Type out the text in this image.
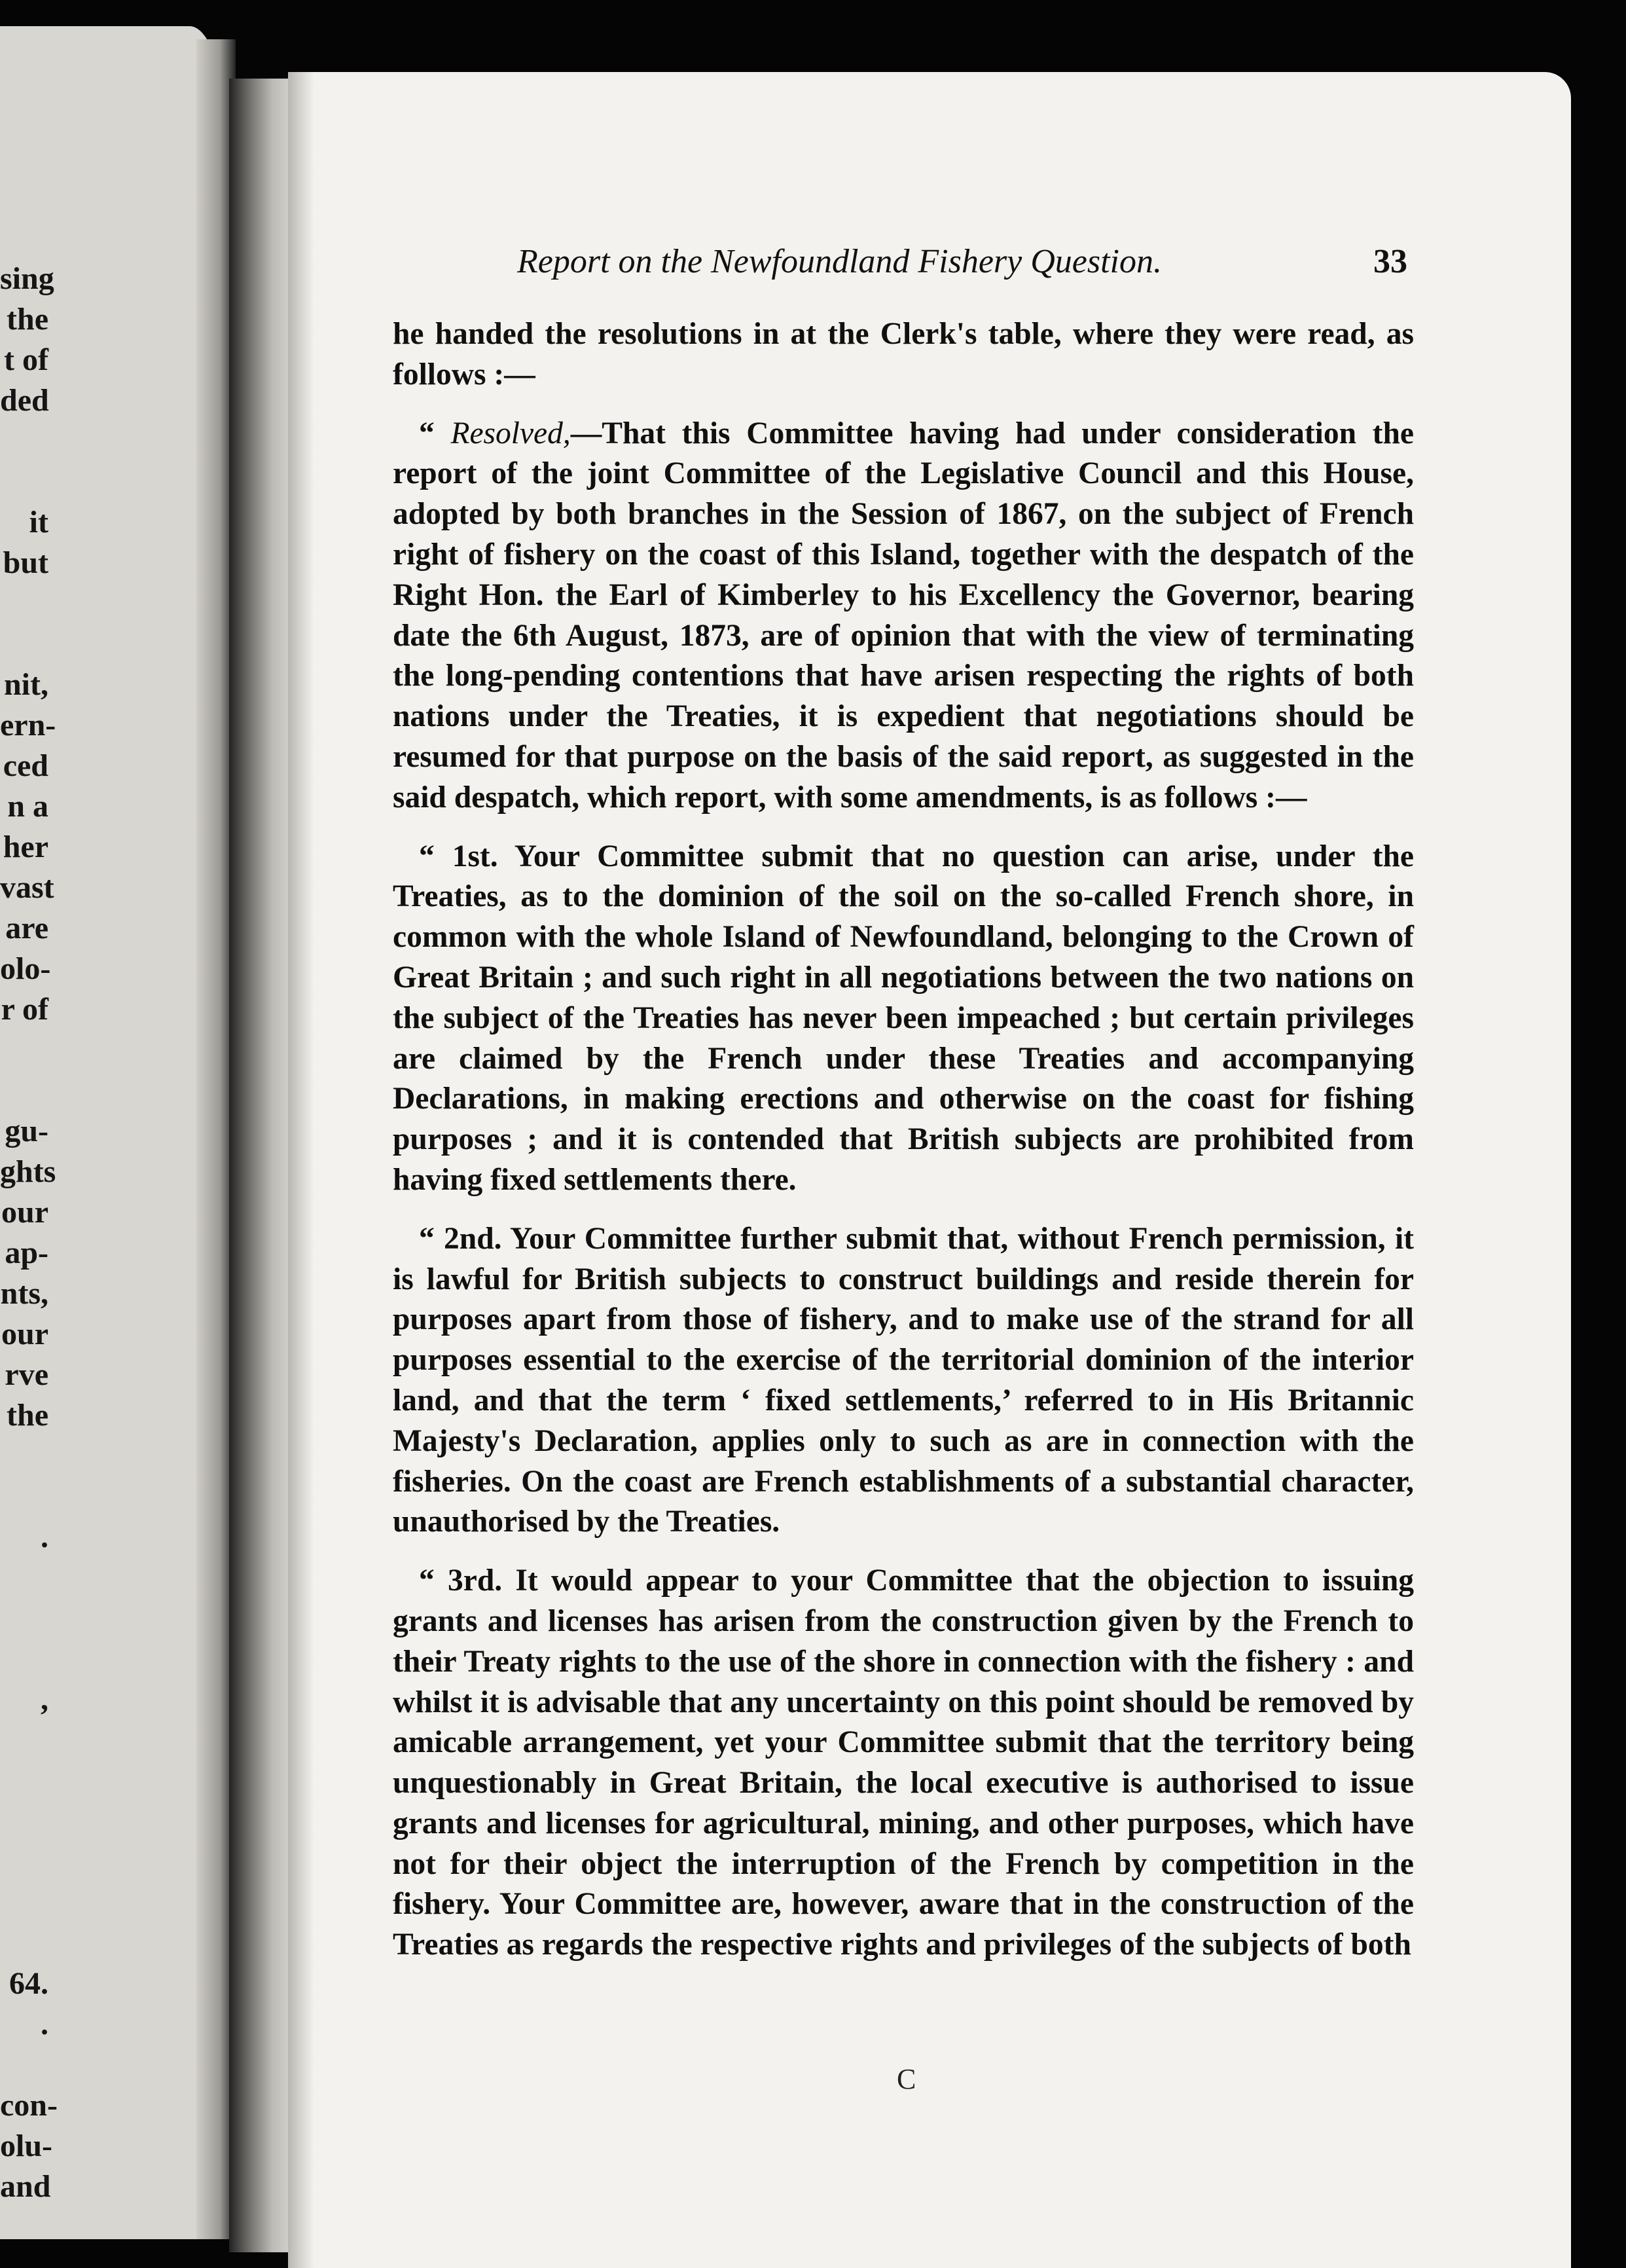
sing
the
t of
ded

it
but

nit,
ern-
ced
n a
her
vast
are
olo-
r of

gu-
ghts
our
ap-
nts,
our
rve
the

.

,

64.
.

con-
olu-
and
Report on the Newfoundland Fishery Question.	33

he handed the resolutions in at the Clerk's table, where they were read, as follows :—

“ Resolved,—That this Committee having had under consideration the report of the joint Committee of the Legislative Council and this House, adopted by both branches in the Session of 1867, on the subject of French right of fishery on the coast of this Island, together with the despatch of the Right Hon. the Earl of Kimberley to his Excellency the Governor, bearing date the 6th August, 1873, are of opinion that with the view of terminating the long-pending contentions that have arisen respecting the rights of both nations under the Treaties, it is expedient that negotiations should be resumed for that purpose on the basis of the said report, as suggested in the said despatch, which report, with some amendments, is as follows :—

“ 1st. Your Committee submit that no question can arise, under the Treaties, as to the dominion of the soil on the so-called French shore, in common with the whole Island of Newfoundland, belonging to the Crown of Great Britain ; and such right in all negotiations between the two nations on the subject of the Treaties has never been impeached ; but certain privileges are claimed by the French under these Treaties and accompanying Declarations, in making erections and otherwise on the coast for fishing purposes ; and it is contended that British subjects are prohibited from having fixed settlements there.

“ 2nd. Your Committee further submit that, without French permission, it is lawful for British subjects to construct buildings and reside therein for purposes apart from those of fishery, and to make use of the strand for all purposes essential to the exercise of the territorial dominion of the interior land, and that the term ‘ fixed settlements,’ referred to in His Britannic Majesty's Declaration, applies only to such as are in connection with the fisheries. On the coast are French establishments of a substantial character, unauthorised by the Treaties.

“ 3rd. It would appear to your Committee that the objection to issuing grants and licenses has arisen from the construction given by the French to their Treaty rights to the use of the shore in connection with the fishery : and whilst it is advisable that any uncertainty on this point should be removed by amicable arrangement, yet your Committee submit that the territory being unquestionably in Great Britain, the local executive is authorised to issue grants and licenses for agricultural, mining, and other purposes, which have not for their object the interruption of the French by competition in the fishery. Your Committee are, however, aware that in the construction of the Treaties as regards the respective rights and privileges of the subjects of both

C
